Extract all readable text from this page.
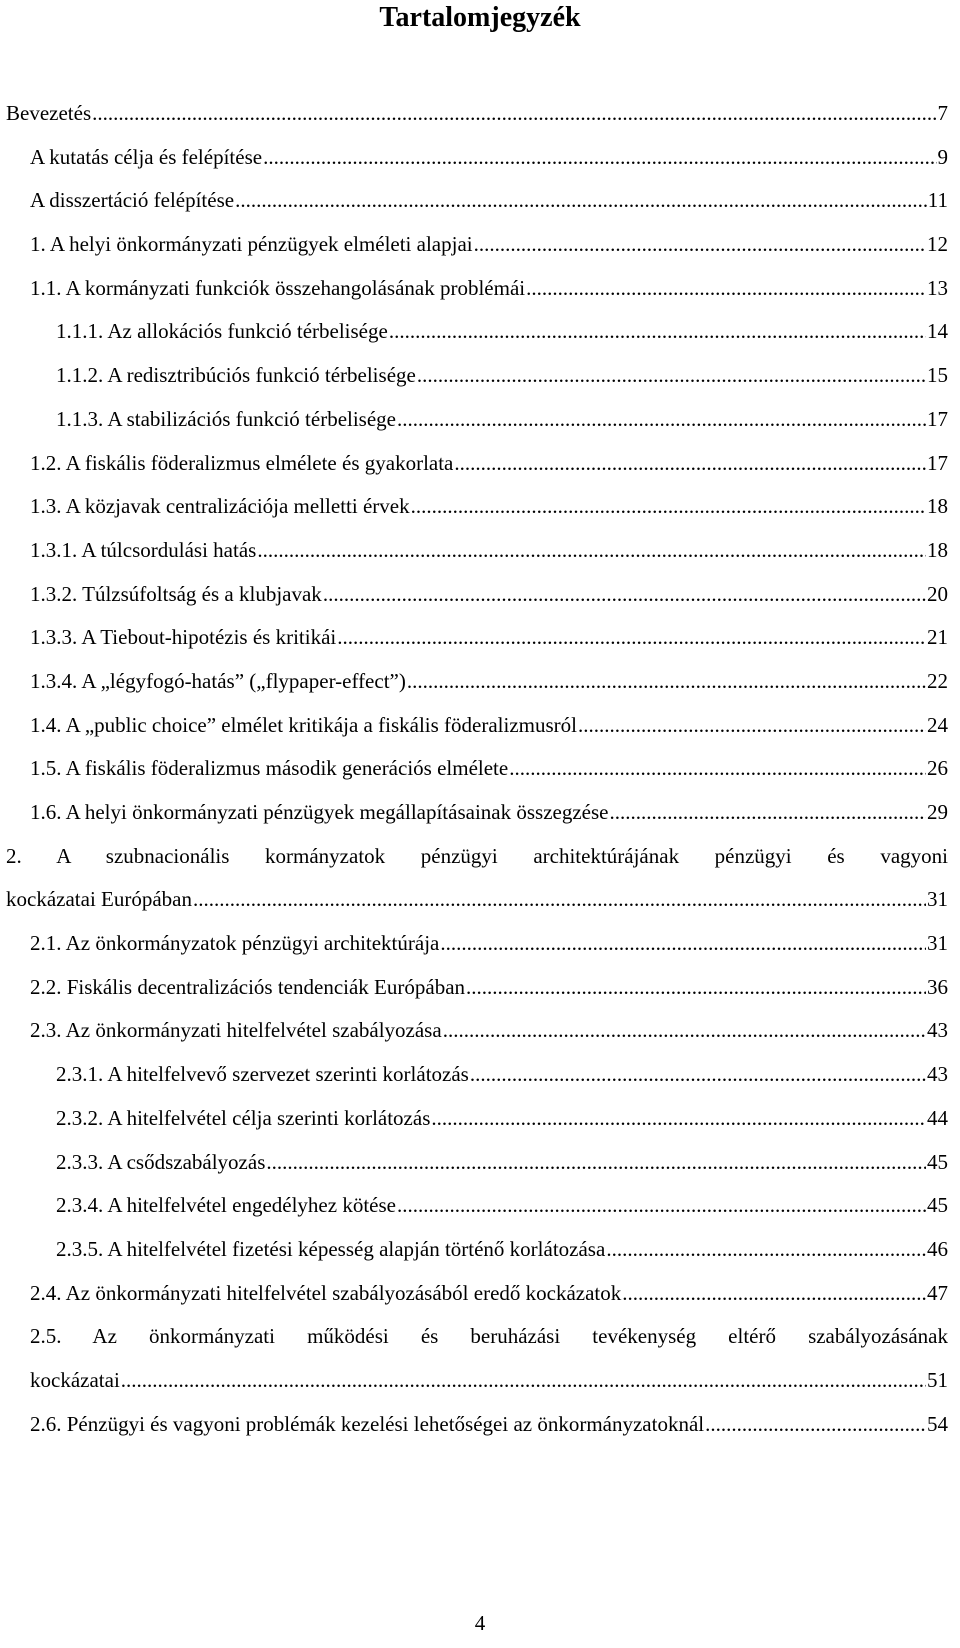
Tartalomjegyzék
Bevezetés .....	7
A kutatás célja és felépítése .....	9
A disszertáció felépítése .....	11
1. A helyi önkormányzati pénzügyek elméleti alapjai .....	12
1.1. A kormányzati funkciók összehangolásának problémái .....	13
1.1.1. Az allokációs funkció térbelisége .....	14
1.1.2. A redisztribúciós funkció térbelisége .....	15
1.1.3. A stabilizációs funkció térbelisége .....	17
1.2. A fiskális föderalizmus elmélete és gyakorlata .....	17
1.3. A közjavak centralizációja melletti érvek .....	18
1.3.1. A túlcsordulási hatás .....	18
1.3.2. Túlzsúfoltság és a klubjavak .....	20
1.3.3. A Tiebout-hipotézis és kritikái .....	21
1.3.4. A „légyfogó-hatás” („flypaper-effect”) .....	22
1.4. A „public choice” elmélet kritikája a fiskális föderalizmusról .....	24
1.5. A fiskális föderalizmus második generációs elmélete .....	26
1.6. A helyi önkormányzati pénzügyek megállapításainak összegzése .....	29
2. A szubnacionális kormányzatok pénzügyi architektúrájának pénzügyi és vagyoni
kockázatai Európában .....	31
2.1. Az önkormányzatok pénzügyi architektúrája .....	31
2.2. Fiskális decentralizációs tendenciák Európában .....	36
2.3. Az önkormányzati hitelfelvétel szabályozása .....	43
2.3.1. A hitelfelvevő szervezet szerinti korlátozás .....	43
2.3.2. A hitelfelvétel célja szerinti korlátozás .....	44
2.3.3. A csődszabályozás .....	45
2.3.4. A hitelfelvétel engedélyhez kötése .....	45
2.3.5. A hitelfelvétel fizetési képesség alapján történő korlátozása .....	46
2.4. Az önkormányzati hitelfelvétel szabályozásából eredő kockázatok .....	47
2.5. Az önkormányzati működési és beruházási tevékenység eltérő szabályozásának
kockázatai .....	51
2.6. Pénzügyi és vagyoni problémák kezelési lehetőségei az önkormányzatoknál .....	54
4
